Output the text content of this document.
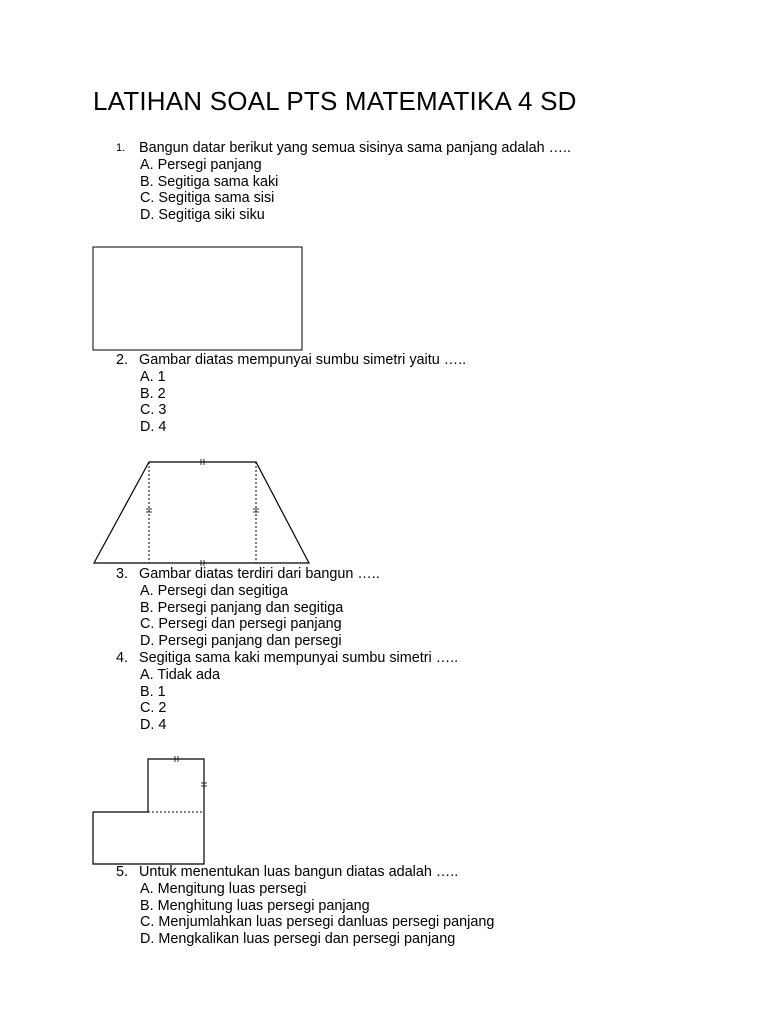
LATIHAN SOAL PTS MATEMATIKA 4 SD
1. Bangun datar berikut yang semua sisinya sama panjang adalah …..
A. Persegi panjang
B. Segitiga sama kaki
C. Segitiga sama sisi
D. Segitiga siki siku
2. Gambar diatas mempunyai sumbu simetri yaitu …..
A. 1
B. 2
C. 3
D. 4
3. Gambar diatas terdiri dari bangun …..
A. Persegi dan segitiga
B. Persegi panjang dan segitiga
C. Persegi dan persegi panjang
D. Persegi panjang dan persegi
4. Segitiga sama kaki mempunyai sumbu simetri …..
A. Tidak ada
B. 1
C. 2
D. 4
5. Untuk menentukan luas bangun diatas adalah …..
A. Mengitung luas persegi
B. Menghitung luas persegi panjang
C. Menjumlahkan luas persegi danluas persegi panjang
D. Mengkalikan luas persegi dan persegi panjang
